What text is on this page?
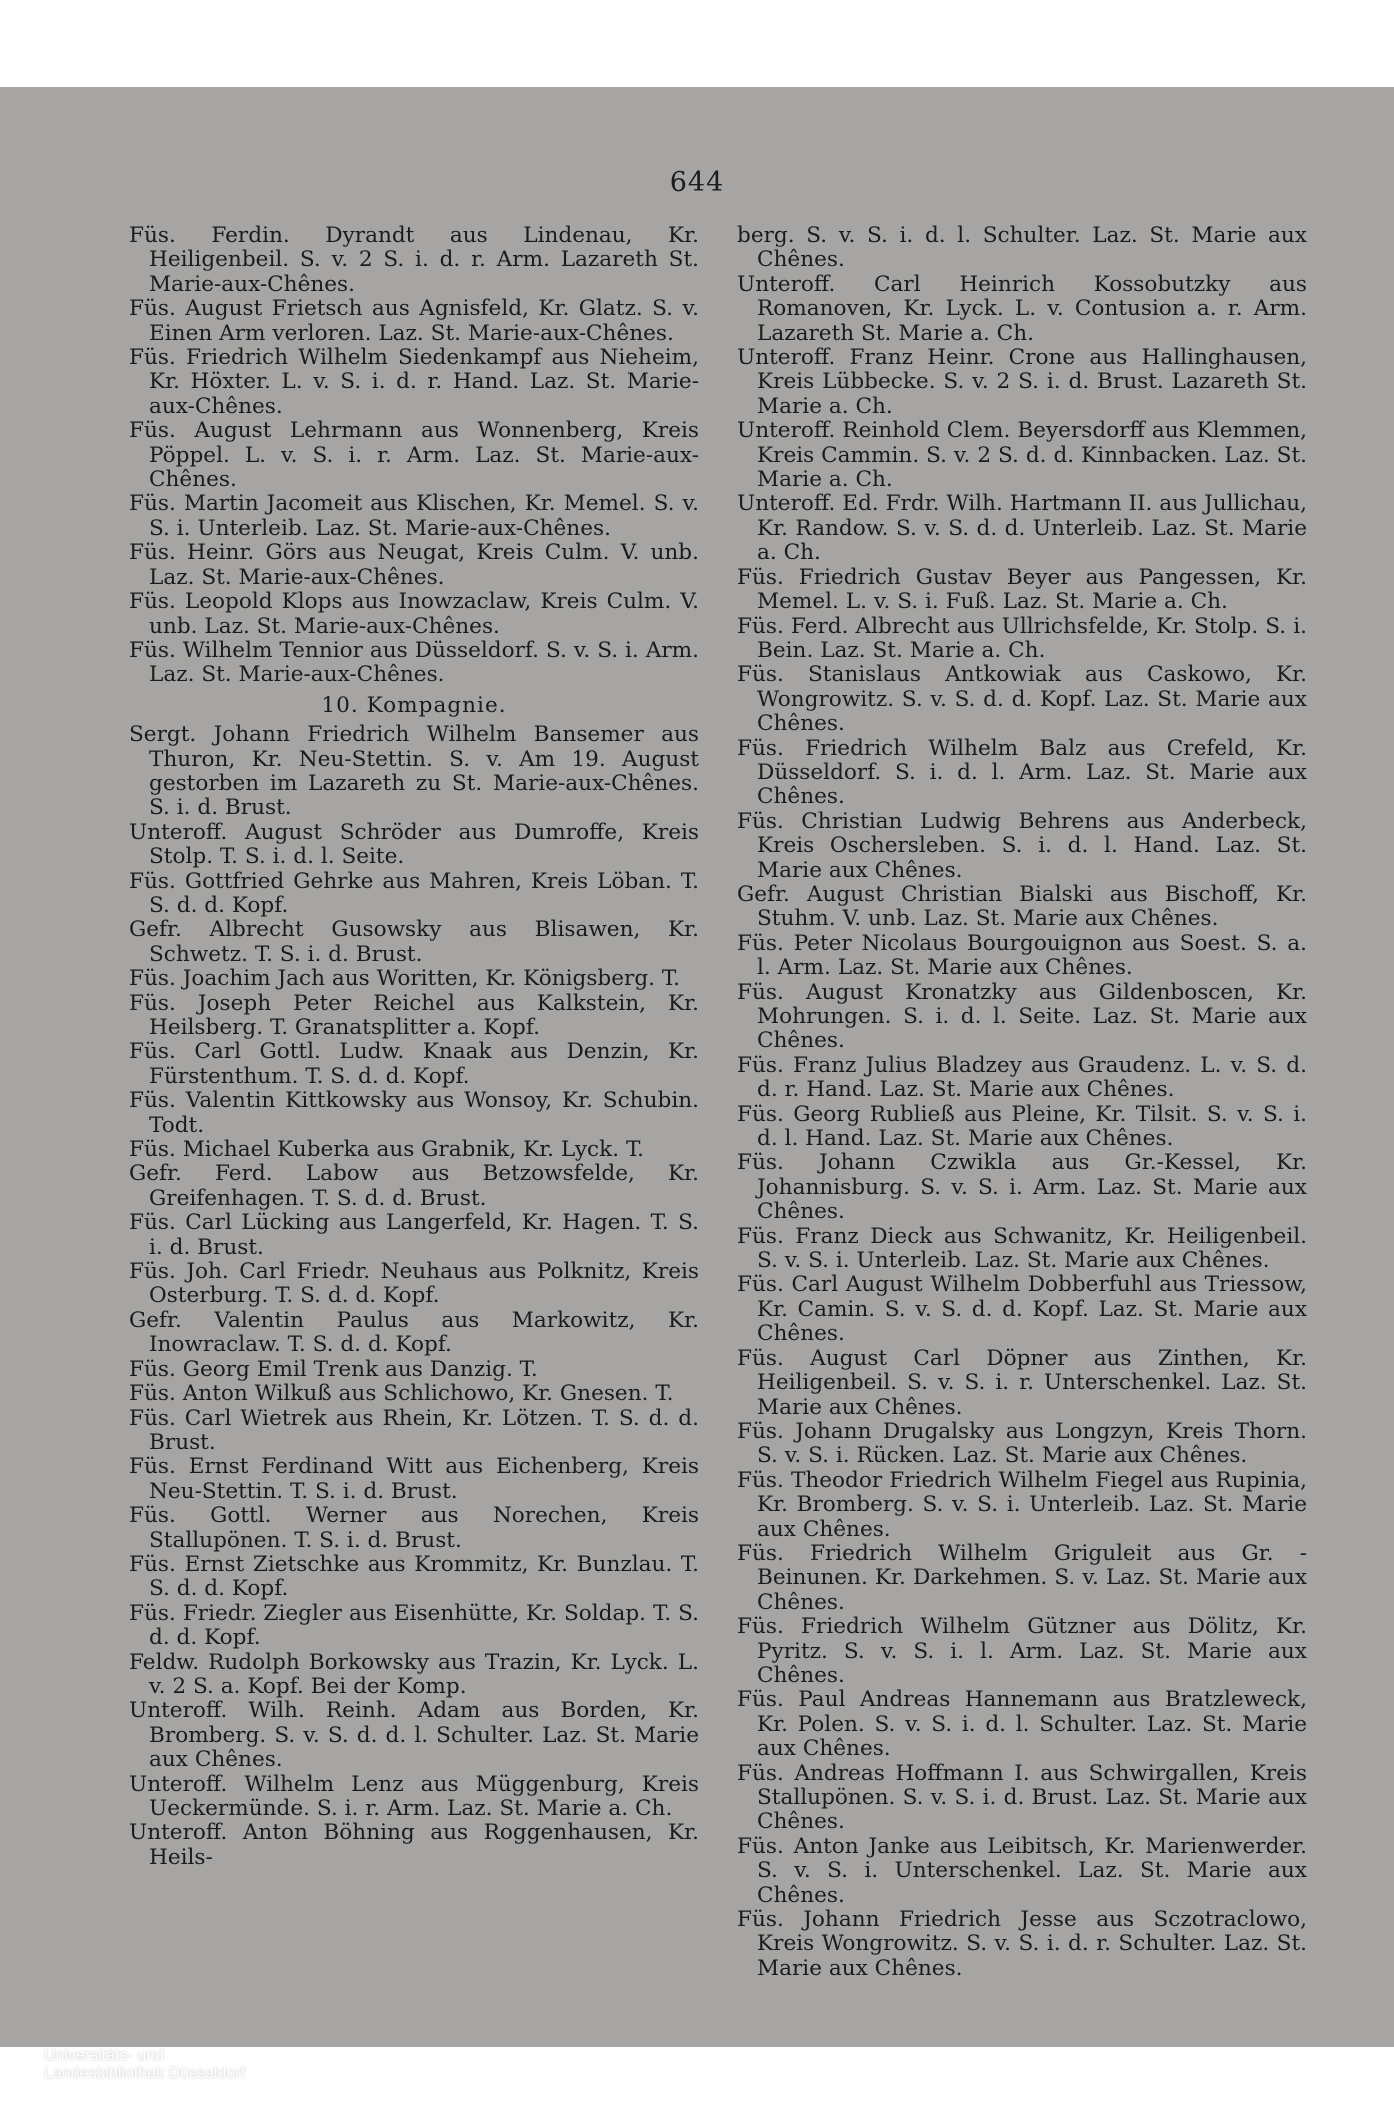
644

Füs. Ferdin. Dyrandt aus Lindenau, Kr. Heiligenbeil. S. v. 2 S. i. d. r. Arm. Lazareth St. Marie-aux-Chênes.

Füs. August Frietsch aus Agnisfeld, Kr. Glatz. S. v. Einen Arm verloren. Laz. St. Marie-aux-Chênes.

Füs. Friedrich Wilhelm Siedenkampf aus Nieheim, Kr. Höxter. L. v. S. i. d. r. Hand. Laz. St. Marie-aux-Chênes.

Füs. August Lehrmann aus Wonnenberg, Kreis Pöppel. L. v. S. i. r. Arm. Laz. St. Marie-aux-Chênes.

Füs. Martin Jacomeit aus Klischen, Kr. Memel. S. v. S. i. Unterleib. Laz. St. Marie-aux-Chênes.

Füs. Heinr. Görs aus Neugat, Kreis Culm. V. unb. Laz. St. Marie-aux-Chênes.

Füs. Leopold Klops aus Inowzaclaw, Kreis Culm. V. unb. Laz. St. Marie-aux-Chênes.

Füs. Wilhelm Tennior aus Düsseldorf. S. v. S. i. Arm. Laz. St. Marie-aux-Chênes.

10. Kompagnie.

Sergt. Johann Friedrich Wilhelm Bansemer aus Thuron, Kr. Neu-Stettin. S. v. Am 19. August gestorben im Lazareth zu St. Marie-aux-Chênes. S. i. d. Brust.

Unteroff. August Schröder aus Dumroffe, Kreis Stolp. T. S. i. d. l. Seite.

Füs. Gottfried Gehrke aus Mahren, Kreis Löban. T. S. d. d. Kopf.

Gefr. Albrecht Gusowsky aus Blisawen, Kr. Schwetz. T. S. i. d. Brust.

Füs. Joachim Jach aus Woritten, Kr. Königsberg. T.

Füs. Joseph Peter Reichel aus Kalkstein, Kr. Heilsberg. T. Granatsplitter a. Kopf.

Füs. Carl Gottl. Ludw. Knaak aus Denzin, Kr. Fürstenthum. T. S. d. d. Kopf.

Füs. Valentin Kittkowsky aus Wonsoy, Kr. Schubin. Todt.

Füs. Michael Kuberka aus Grabnik, Kr. Lyck. T.

Gefr. Ferd. Labow aus Betzowsfelde, Kr. Greifenhagen. T. S. d. d. Brust.

Füs. Carl Lücking aus Langerfeld, Kr. Hagen. T. S. i. d. Brust.

Füs. Joh. Carl Friedr. Neuhaus aus Polknitz, Kreis Osterburg. T. S. d. d. Kopf.

Gefr. Valentin Paulus aus Markowitz, Kr. Inowraclaw. T. S. d. d. Kopf.

Füs. Georg Emil Trenk aus Danzig. T.

Füs. Anton Wilkuß aus Schlichowo, Kr. Gnesen. T.

Füs. Carl Wietrek aus Rhein, Kr. Lötzen. T. S. d. d. Brust.

Füs. Ernst Ferdinand Witt aus Eichenberg, Kreis Neu-Stettin. T. S. i. d. Brust.

Füs. Gottl. Werner aus Norechen, Kreis Stallupönen. T. S. i. d. Brust.

Füs. Ernst Zietschke aus Krommitz, Kr. Bunzlau. T. S. d. d. Kopf.

Füs. Friedr. Ziegler aus Eisenhütte, Kr. Soldap. T. S. d. d. Kopf.

Feldw. Rudolph Borkowsky aus Trazin, Kr. Lyck. L. v. 2 S. a. Kopf. Bei der Komp.

Unteroff. Wilh. Reinh. Adam aus Borden, Kr. Bromberg. S. v. S. d. d. l. Schulter. Laz. St. Marie aux Chênes.

Unteroff. Wilhelm Lenz aus Müggenburg, Kreis Ueckermünde. S. i. r. Arm. Laz. St. Marie a. Ch.

Unteroff. Anton Böhning aus Roggenhausen, Kr. Heils-

berg. S. v. S. i. d. l. Schulter. Laz. St. Marie aux Chênes.

Unteroff. Carl Heinrich Kossobutzky aus Romanoven, Kr. Lyck. L. v. Contusion a. r. Arm. Lazareth St. Marie a. Ch.

Unteroff. Franz Heinr. Crone aus Hallinghausen, Kreis Lübbecke. S. v. 2 S. i. d. Brust. Lazareth St. Marie a. Ch.

Unteroff. Reinhold Clem. Beyersdorff aus Klemmen, Kreis Cammin. S. v. 2 S. d. d. Kinnbacken. Laz. St. Marie a. Ch.

Unteroff. Ed. Frdr. Wilh. Hartmann II. aus Jullichau, Kr. Randow. S. v. S. d. d. Unterleib. Laz. St. Marie a. Ch.

Füs. Friedrich Gustav Beyer aus Pangessen, Kr. Memel. L. v. S. i. Fuß. Laz. St. Marie a. Ch.

Füs. Ferd. Albrecht aus Ullrichsfelde, Kr. Stolp. S. i. Bein. Laz. St. Marie a. Ch.

Füs. Stanislaus Antkowiak aus Caskowo, Kr. Wongrowitz. S. v. S. d. d. Kopf. Laz. St. Marie aux Chênes.

Füs. Friedrich Wilhelm Balz aus Crefeld, Kr. Düsseldorf. S. i. d. l. Arm. Laz. St. Marie aux Chênes.

Füs. Christian Ludwig Behrens aus Anderbeck, Kreis Oschersleben. S. i. d. l. Hand. Laz. St. Marie aux Chênes.

Gefr. August Christian Bialski aus Bischoff, Kr. Stuhm. V. unb. Laz. St. Marie aux Chênes.

Füs. Peter Nicolaus Bourgouignon aus Soest. S. a. l. Arm. Laz. St. Marie aux Chênes.

Füs. August Kronatzky aus Gildenboscen, Kr. Mohrungen. S. i. d. l. Seite. Laz. St. Marie aux Chênes.

Füs. Franz Julius Bladzey aus Graudenz. L. v. S. d. d. r. Hand. Laz. St. Marie aux Chênes.

Füs. Georg Rubließ aus Pleine, Kr. Tilsit. S. v. S. i. d. l. Hand. Laz. St. Marie aux Chênes.

Füs. Johann Czwikla aus Gr.-Kessel, Kr. Johannisburg. S. v. S. i. Arm. Laz. St. Marie aux Chênes.

Füs. Franz Dieck aus Schwanitz, Kr. Heiligenbeil. S. v. S. i. Unterleib. Laz. St. Marie aux Chênes.

Füs. Carl August Wilhelm Dobberfuhl aus Triessow, Kr. Camin. S. v. S. d. d. Kopf. Laz. St. Marie aux Chênes.

Füs. August Carl Döpner aus Zinthen, Kr. Heiligenbeil. S. v. S. i. r. Unterschenkel. Laz. St. Marie aux Chênes.

Füs. Johann Drugalsky aus Longzyn, Kreis Thorn. S. v. S. i. Rücken. Laz. St. Marie aux Chênes.

Füs. Theodor Friedrich Wilhelm Fiegel aus Rupinia, Kr. Bromberg. S. v. S. i. Unterleib. Laz. St. Marie aux Chênes.

Füs. Friedrich Wilhelm Grigulеit aus Gr. - Beinunen. Kr. Darkehmen. S. v. Laz. St. Marie aux Chênes.

Füs. Friedrich Wilhelm Gützner aus Dölitz, Kr. Pyritz. S. v. S. i. l. Arm. Laz. St. Marie aux Chênes.

Füs. Paul Andreas Hannemann aus Bratzleweck, Kr. Polen. S. v. S. i. d. l. Schulter. Laz. St. Marie aux Chênes.

Füs. Andreas Hoffmann I. aus Schwirgallen, Kreis Stallupönen. S. v. S. i. d. Brust. Laz. St. Marie aux Chênes.

Füs. Anton Janke aus Leibitsch, Kr. Marienwerder. S. v. S. i. Unterschenkel. Laz. St. Marie aux Chênes.

Füs. Johann Friedrich Jesse aus Sczotraclowo, Kreis Wongrowitz. S. v. S. i. d. r. Schulter. Laz. St. Marie aux Chênes.

Universitäts- und
Landesbibliothek Düsseldorf
